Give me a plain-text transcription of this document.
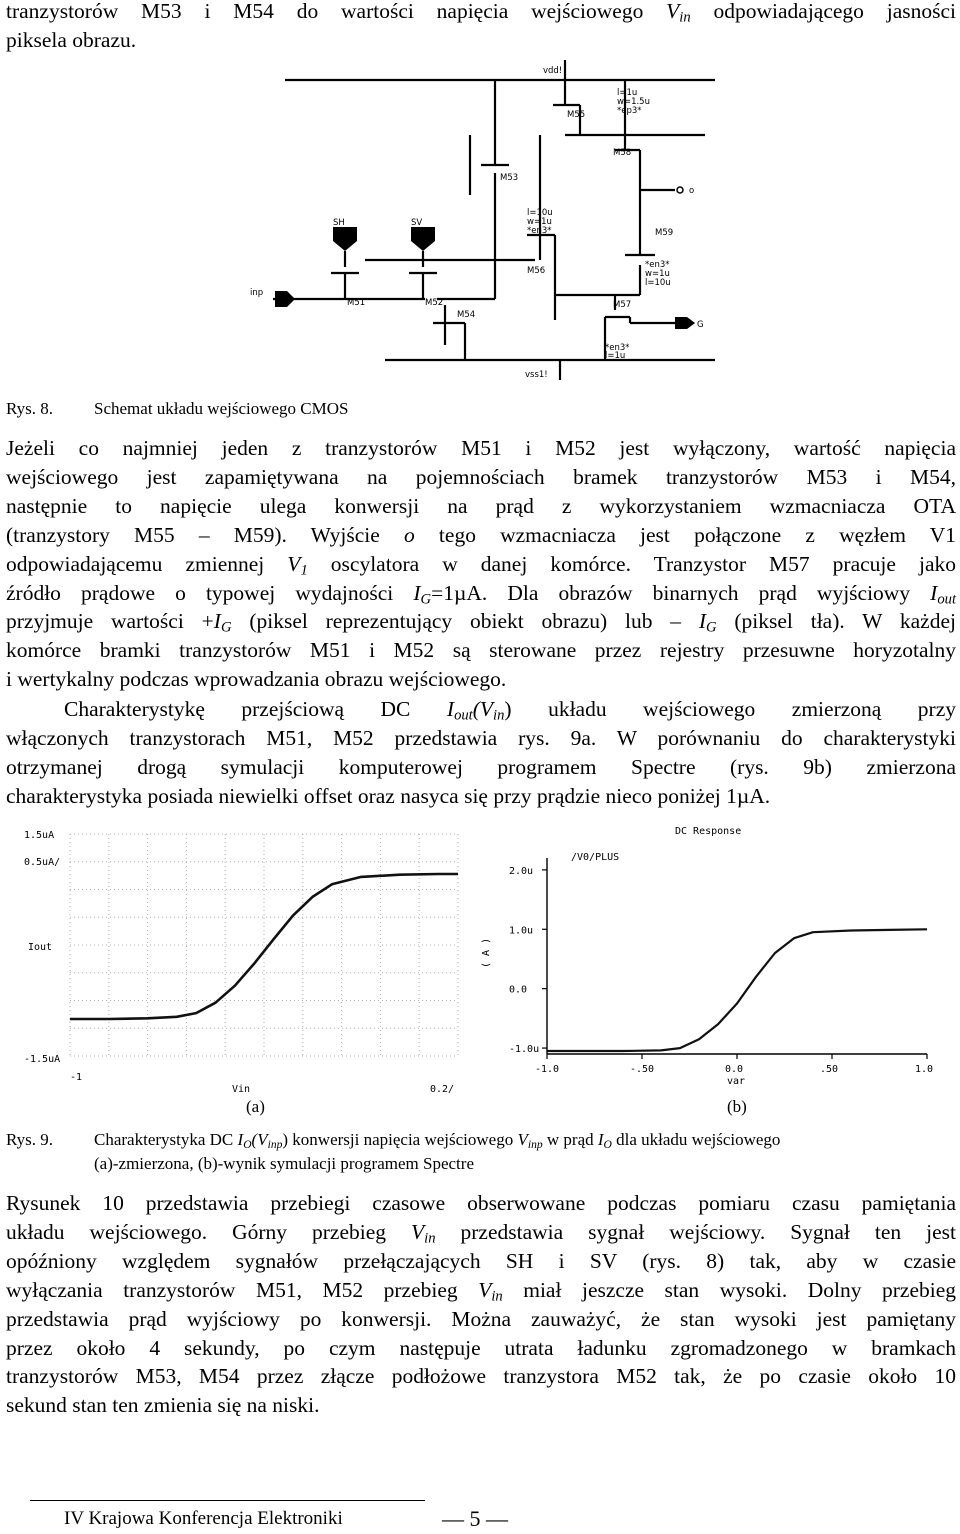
tranzystorów M53 i M54 do wartości napięcia wejściowego $V_{in}$ odpowiadającego jasności
piksela obrazu.
vdd!
vss1!
inp
SH	SV
o
G
M51	M52
M53
M54
M55
M56
M57
M58
M59
l=1u
w=1.5u
*ep3*
l=10u
w=1u
*en3*
*en3*
w=1u
l=10u
*en3*
l=1u
Rys. 8. Schemat układu wejściowego CMOS
Jeżeli co najmniej jeden z tranzystorów M51 i M52 jest wyłączony, wartość napięcia
wejściowego jest zapamiętywana na pojemnościach bramek tranzystorów M53 i M54,
następnie to napięcie ulega konwersji na prąd z wykorzystaniem wzmacniacza OTA
(tranzystory M55 – M59). Wyjście o tego wzmacniacza jest połączone z węzłem V1
odpowiadającemu zmiennej $V_1$ oscylatora w danej komórce. Tranzystor M57 pracuje jako
źródło prądowe o typowej wydajności $I_G=1\mu A$. Dla obrazów binarnych prąd wyjściowy $I_{out}$
przyjmuje wartości $+I_G$ (piksel reprezentujący obiekt obrazu) lub – $I_G$ (piksel tła). W każdej
komórce bramki tranzystorów M51 i M52 są sterowane przez rejestry przesuwne horyzotalny
i wertykalny podczas wprowadzania obrazu wejściowego.
Charakterystykę przejściową DC $I_{out}(V_{in})$ układu wejściowego zmierzoną przy
włączonych tranzystorach M51, M52 przedstawia rys. 9a. W porównaniu do charakterystyki
otrzymanej drogą symulacji komputerowej programem Spectre (rys. 9b) zmierzona
charakterystyka posiada niewielki offset oraz nasyca się przy prądzie nieco poniżej 1µA.
1.5uA
0.5uA/
-1.5uA
Iout
-1
0.2/
Vin
DC Response
/V0/PLUS
2.0u
1.0u
0.0
-1.0u
-1.0	-.50	0.0	.50	1.0
var
( A )
(a)	(b)
Rys. 9. Charakterystyka DC $I_O(V_{inp})$ konwersji napięcia wejściowego $V_{inp}$ w prąd $I_O$ dla układu wejściowego
(a)-zmierzona, (b)-wynik symulacji programem Spectre
Rysunek 10 przedstawia przebiegi czasowe obserwowane podczas pomiaru czasu pamiętania
układu wejściowego. Górny przebieg $V_{in}$ przedstawia sygnał wejściowy. Sygnał ten jest
opóźniony względem sygnałów przełączających SH i SV (rys. 8) tak, aby w czasie
wyłączania tranzystorów M51, M52 przebieg $V_{in}$ miał jeszcze stan wysoki. Dolny przebieg
przedstawia prąd wyjściowy po konwersji. Można zauważyć, że stan wysoki jest pamiętany
przez około 4 sekundy, po czym następuje utrata ładunku zgromadzonego w bramkach
tranzystorów M53, M54 przez złącze podłożowe tranzystora M52 tak, że po czasie około 10
sekund stan ten zmienia się na niski.
IV Krajowa Konferencja Elektroniki	— 5 —
